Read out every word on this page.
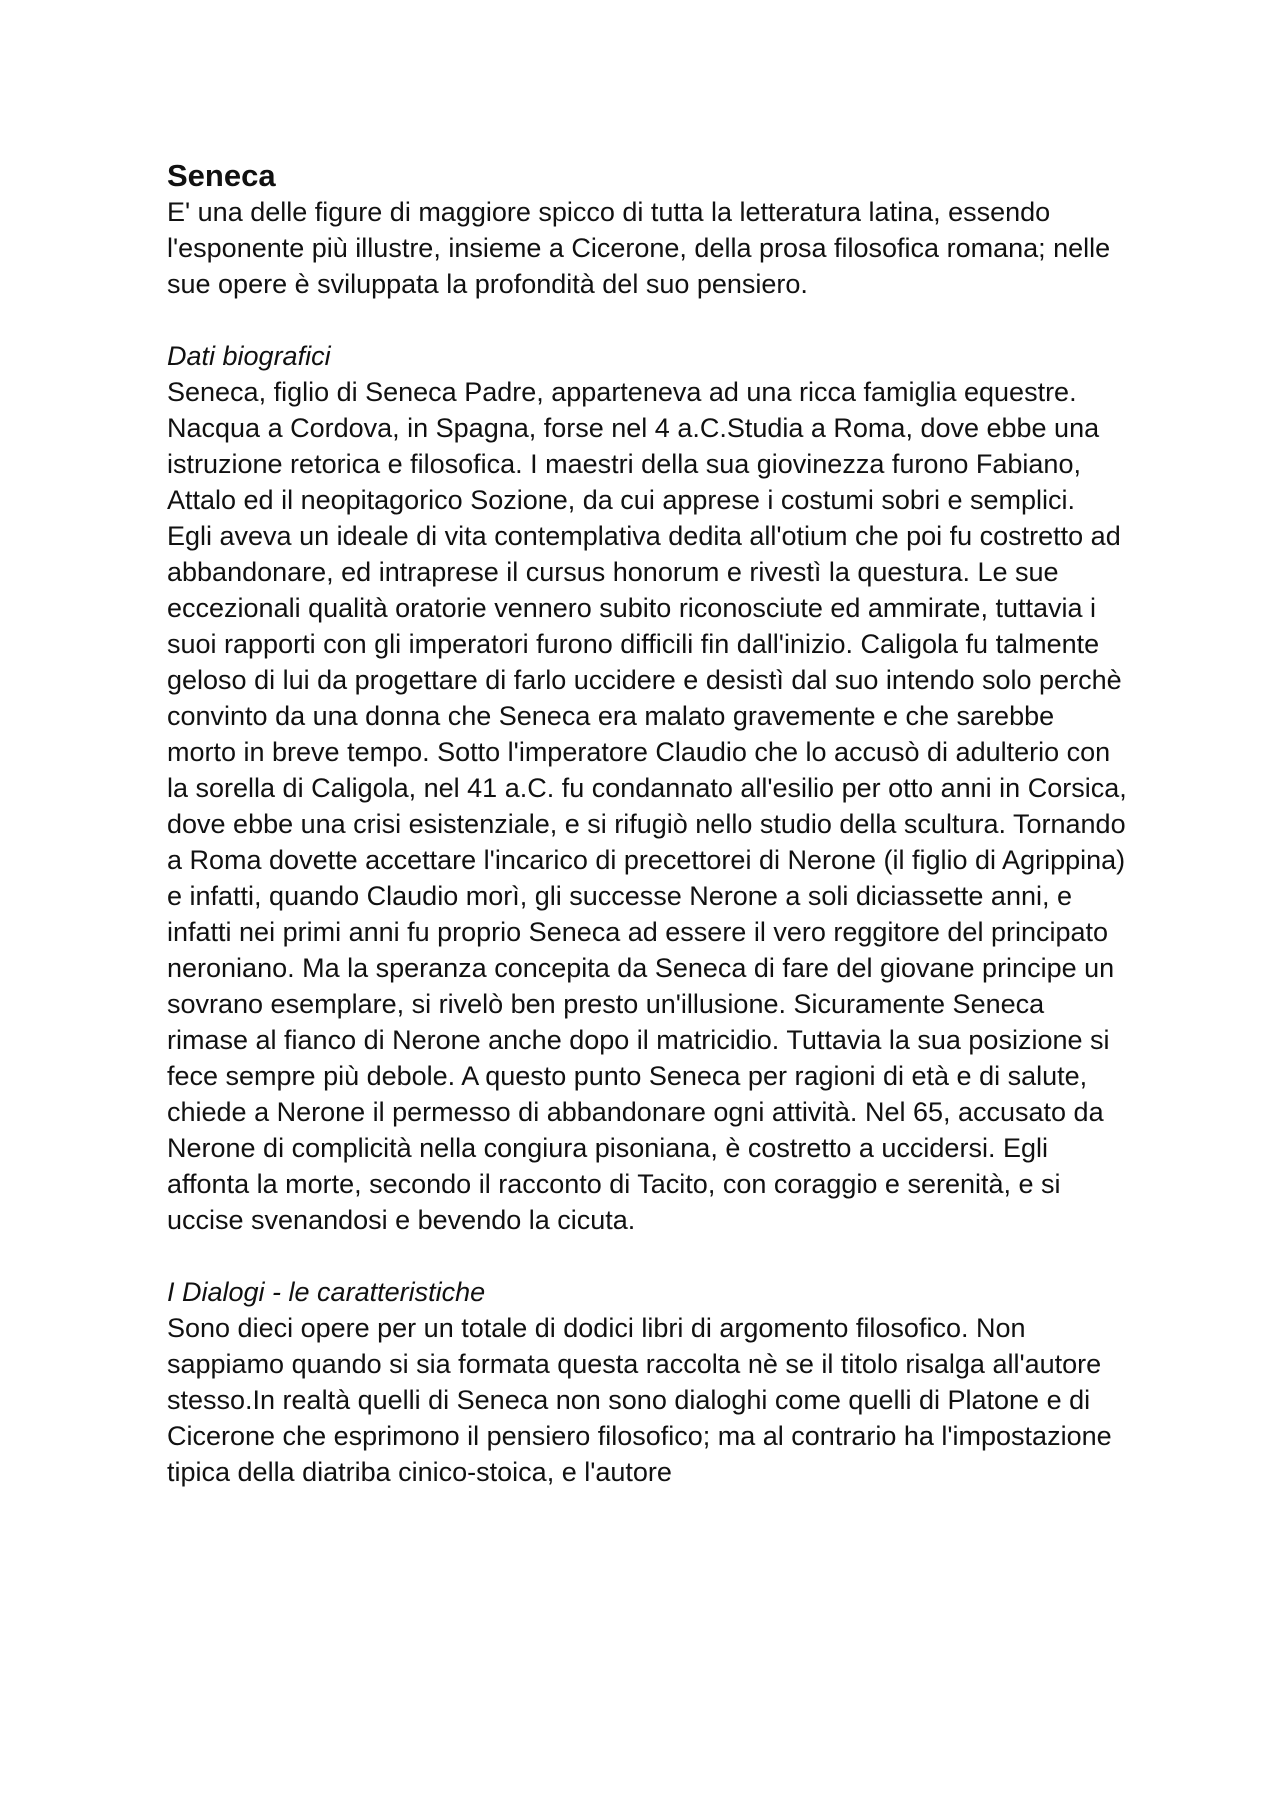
Seneca

E' una delle figure di maggiore spicco di tutta la letteratura latina, essendo l'esponente più illustre, insieme a Cicerone, della prosa filosofica romana; nelle sue opere è sviluppata la profondità del suo pensiero.

Dati biografici

Seneca, figlio di Seneca Padre, apparteneva ad una ricca famiglia equestre. Nacqua a Cordova, in Spagna, forse nel 4 a.C.Studia a Roma, dove ebbe una istruzione retorica e filosofica. I maestri della sua giovinezza furono Fabiano, Attalo ed il neopitagorico Sozione, da cui apprese i costumi sobri e semplici. Egli aveva un ideale di vita contemplativa dedita all'otium che poi fu costretto ad abbandonare, ed intraprese il cursus honorum e rivestì la questura. Le sue eccezionali qualità oratorie vennero subito riconosciute ed ammirate, tuttavia i suoi rapporti con gli imperatori furono difficili fin dall'inizio. Caligola fu talmente geloso di lui da progettare di farlo uccidere e desistì dal suo intendo solo perchè convinto da una donna che Seneca era malato gravemente e che sarebbe morto in breve tempo. Sotto l'imperatore Claudio che lo accusò di adulterio con la sorella di Caligola, nel 41 a.C. fu condannato all'esilio per otto anni in Corsica, dove ebbe una crisi esistenziale, e si rifugiò nello studio della scultura. Tornando a Roma dovette accettare l'incarico di precettorei di Nerone (il figlio di Agrippina) e infatti, quando Claudio morì, gli successe Nerone a soli diciassette anni, e infatti nei primi anni fu proprio Seneca ad essere il vero reggitore del principato neroniano. Ma la speranza concepita da Seneca di fare del giovane principe un sovrano esemplare, si rivelò ben presto un'illusione. Sicuramente Seneca rimase al fianco di Nerone anche dopo il matricidio. Tuttavia la sua posizione si fece sempre più debole. A questo punto Seneca per ragioni di età e di salute, chiede a Nerone il permesso di abbandonare ogni attività. Nel 65, accusato da Nerone di complicità nella congiura pisoniana, è costretto a uccidersi. Egli affonta la morte, secondo il racconto di Tacito, con coraggio e serenità, e si uccise svenandosi e bevendo la cicuta.

I Dialogi - le caratteristiche

Sono dieci opere per un totale di dodici libri di argomento filosofico. Non sappiamo quando si sia formata questa raccolta nè se il titolo risalga all'autore stesso.In realtà quelli di Seneca non sono dialoghi come quelli di Platone e di Cicerone che esprimono il pensiero filosofico; ma al contrario ha l'impostazione tipica della diatriba cinico-stoica, e l'autore
